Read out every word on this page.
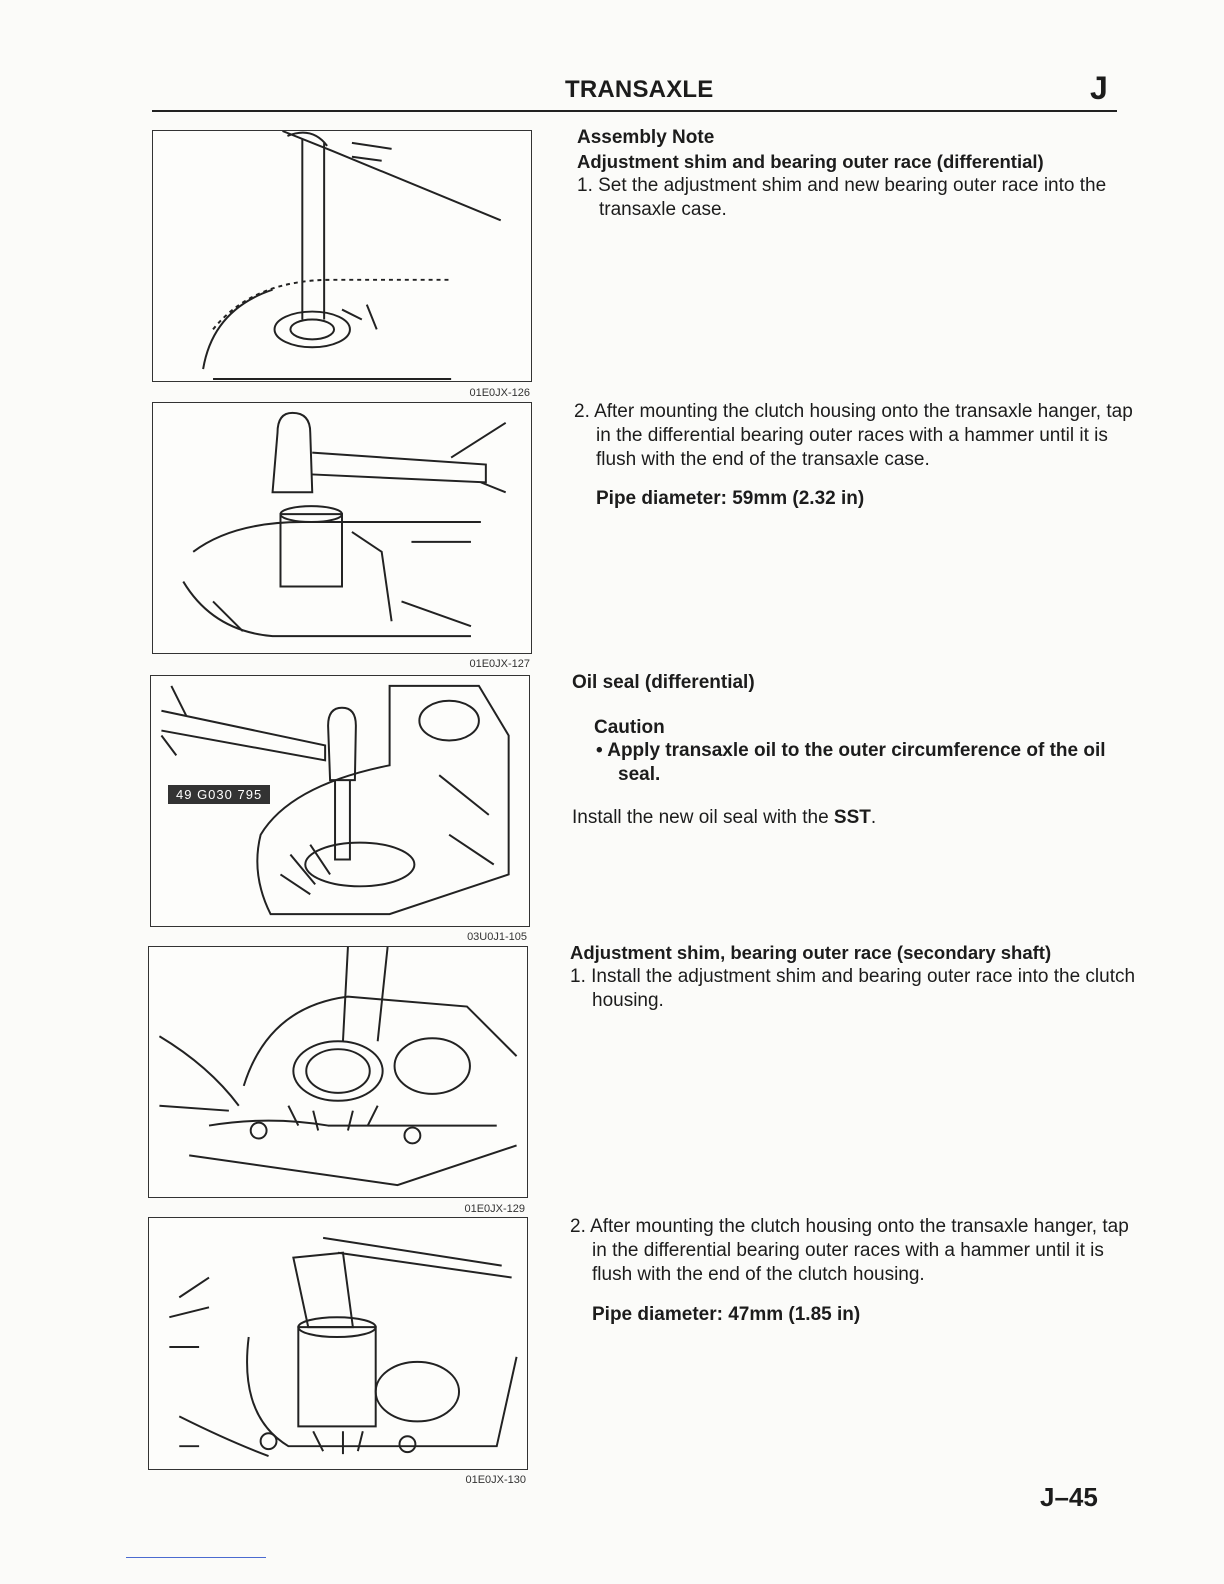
TRANSAXLE	J
01E0JX-126
01E0JX-127
49 G030 795
03U0J1-105
01E0JX-129
01E0JX-130
Assembly Note
Adjustment shim and bearing outer race (differential)
1. Set the adjustment shim and new bearing outer race into the transaxle case.
2. After mounting the clutch housing onto the transaxle hanger, tap in the differential bearing outer races with a hammer until it is flush with the end of the transaxle case.
Pipe diameter: 59mm (2.32 in)
Oil seal (differential)
Caution
• Apply transaxle oil to the outer circumference of the oil seal.
Install the new oil seal with the SST.
Adjustment shim, bearing outer race (secondary shaft)
1. Install the adjustment shim and bearing outer race into the clutch housing.
2. After mounting the clutch housing onto the transaxle hanger, tap in the differential bearing outer races with a hammer until it is flush with the end of the clutch housing.
Pipe diameter: 47mm (1.85 in)
J–45
